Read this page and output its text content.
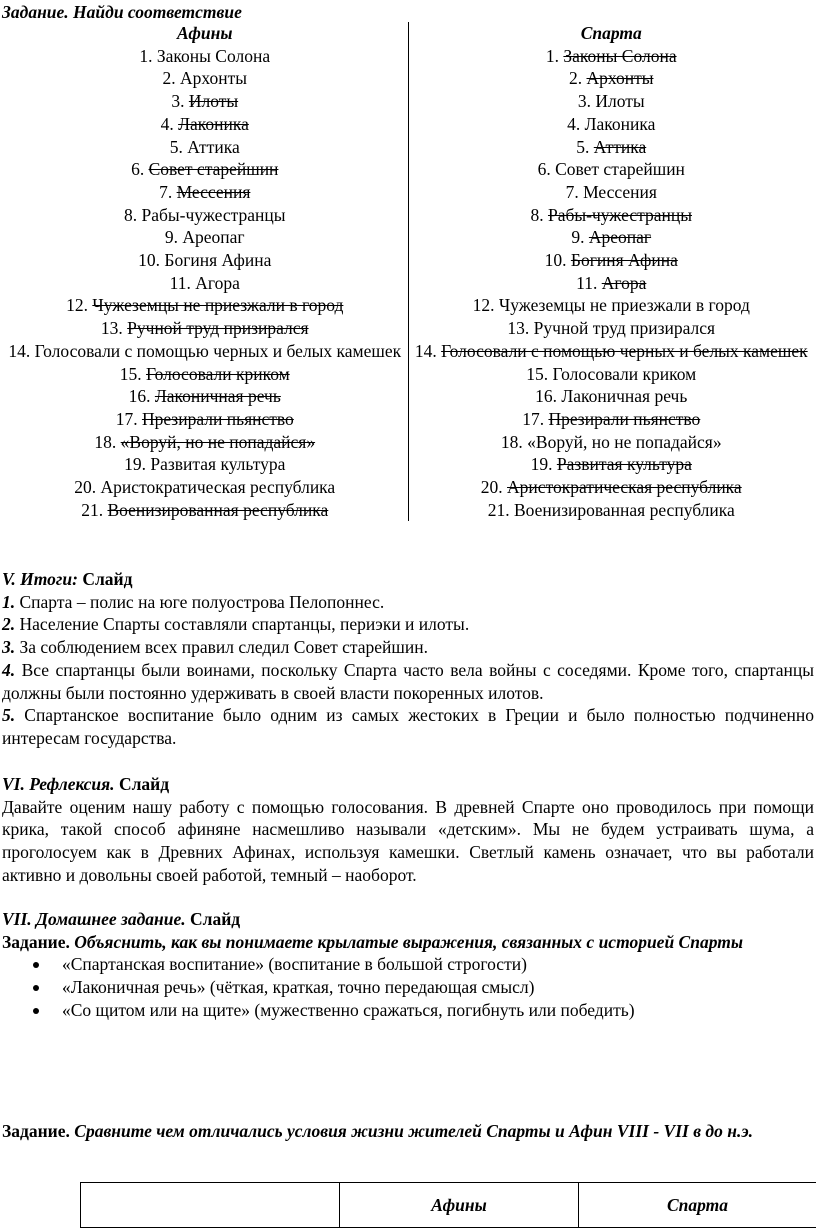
Задание. Найди соответствие
Афины	Спарта
1. Законы Солона	1. Законы Солона
2. Архонты	2. Архонты
3. Илоты	3. Илоты
4. Лаконика	4. Лаконика
5. Аттика	5. Аттика
6. Совет старейшин	6. Совет старейшин
7. Мессения	7. Мессения
8. Рабы-чужестранцы	8. Рабы-чужестранцы
9. Ареопаг	9. Ареопаг
10. Богиня Афина	10. Богиня Афина
11. Агора	11. Агора
12. Чужеземцы не приезжали в город	12. Чужеземцы не приезжали в город
13. Ручной труд призирался	13. Ручной труд призирался
14. Голосовали с помощью черных и белых камешек	14. Голосовали с помощью черных и белых камешек
15. Голосовали криком	15. Голосовали криком
16. Лаконичная речь	16. Лаконичная речь
17. Презирали пьянство	17. Презирали пьянство
18. «Воруй, но не попадайся»	18. «Воруй, но не попадайся»
19. Развитая культура	19. Развитая культура
20. Аристократическая республика	20. Аристократическая республика
21. Военизированная республика	21. Военизированная республика

V. Итоги: Слайд

1. Спарта – полис на юге полуострова Пелопоннес.

2. Население Спарты составляли спартанцы, периэки и илоты.

3. За соблюдением всех правил следил Совет старейшин.

4. Все спартанцы были воинами, поскольку Спарта часто вела войны с соседями. Кроме того, спартанцы должны были постоянно удерживать в своей власти покоренных илотов.

5. Спартанское воспитание было одним из самых жестоких в Греции и было полностью подчиненно интересам государства.

VI. Рефлексия. Слайд

Давайте оценим нашу работу с помощью голосования. В древней Спарте оно проводилось при помощи крика, такой способ афиняне насмешливо называли «детским». Мы не будем устраивать шума, а проголосуем как в Древних Афинах, используя камешки. Светлый камень означает, что вы работали активно и довольны своей работой, темный – наоборот.

VII. Домашнее задание. Слайд

Задание. Объяснить, как вы понимаете крылатые выражения, связанных с историей Спарты

«Спартанская воспитание» (воспитание в большой строгости)
«Лаконичная речь» (чёткая, краткая, точно передающая смысл)
«Со щитом или на щите» (мужественно сражаться, погибнуть или победить)

Задание. Сравните чем отличались условия жизни жителей Спарты и Афин VIII - VII в до н.э.

	Афины	Спарта
